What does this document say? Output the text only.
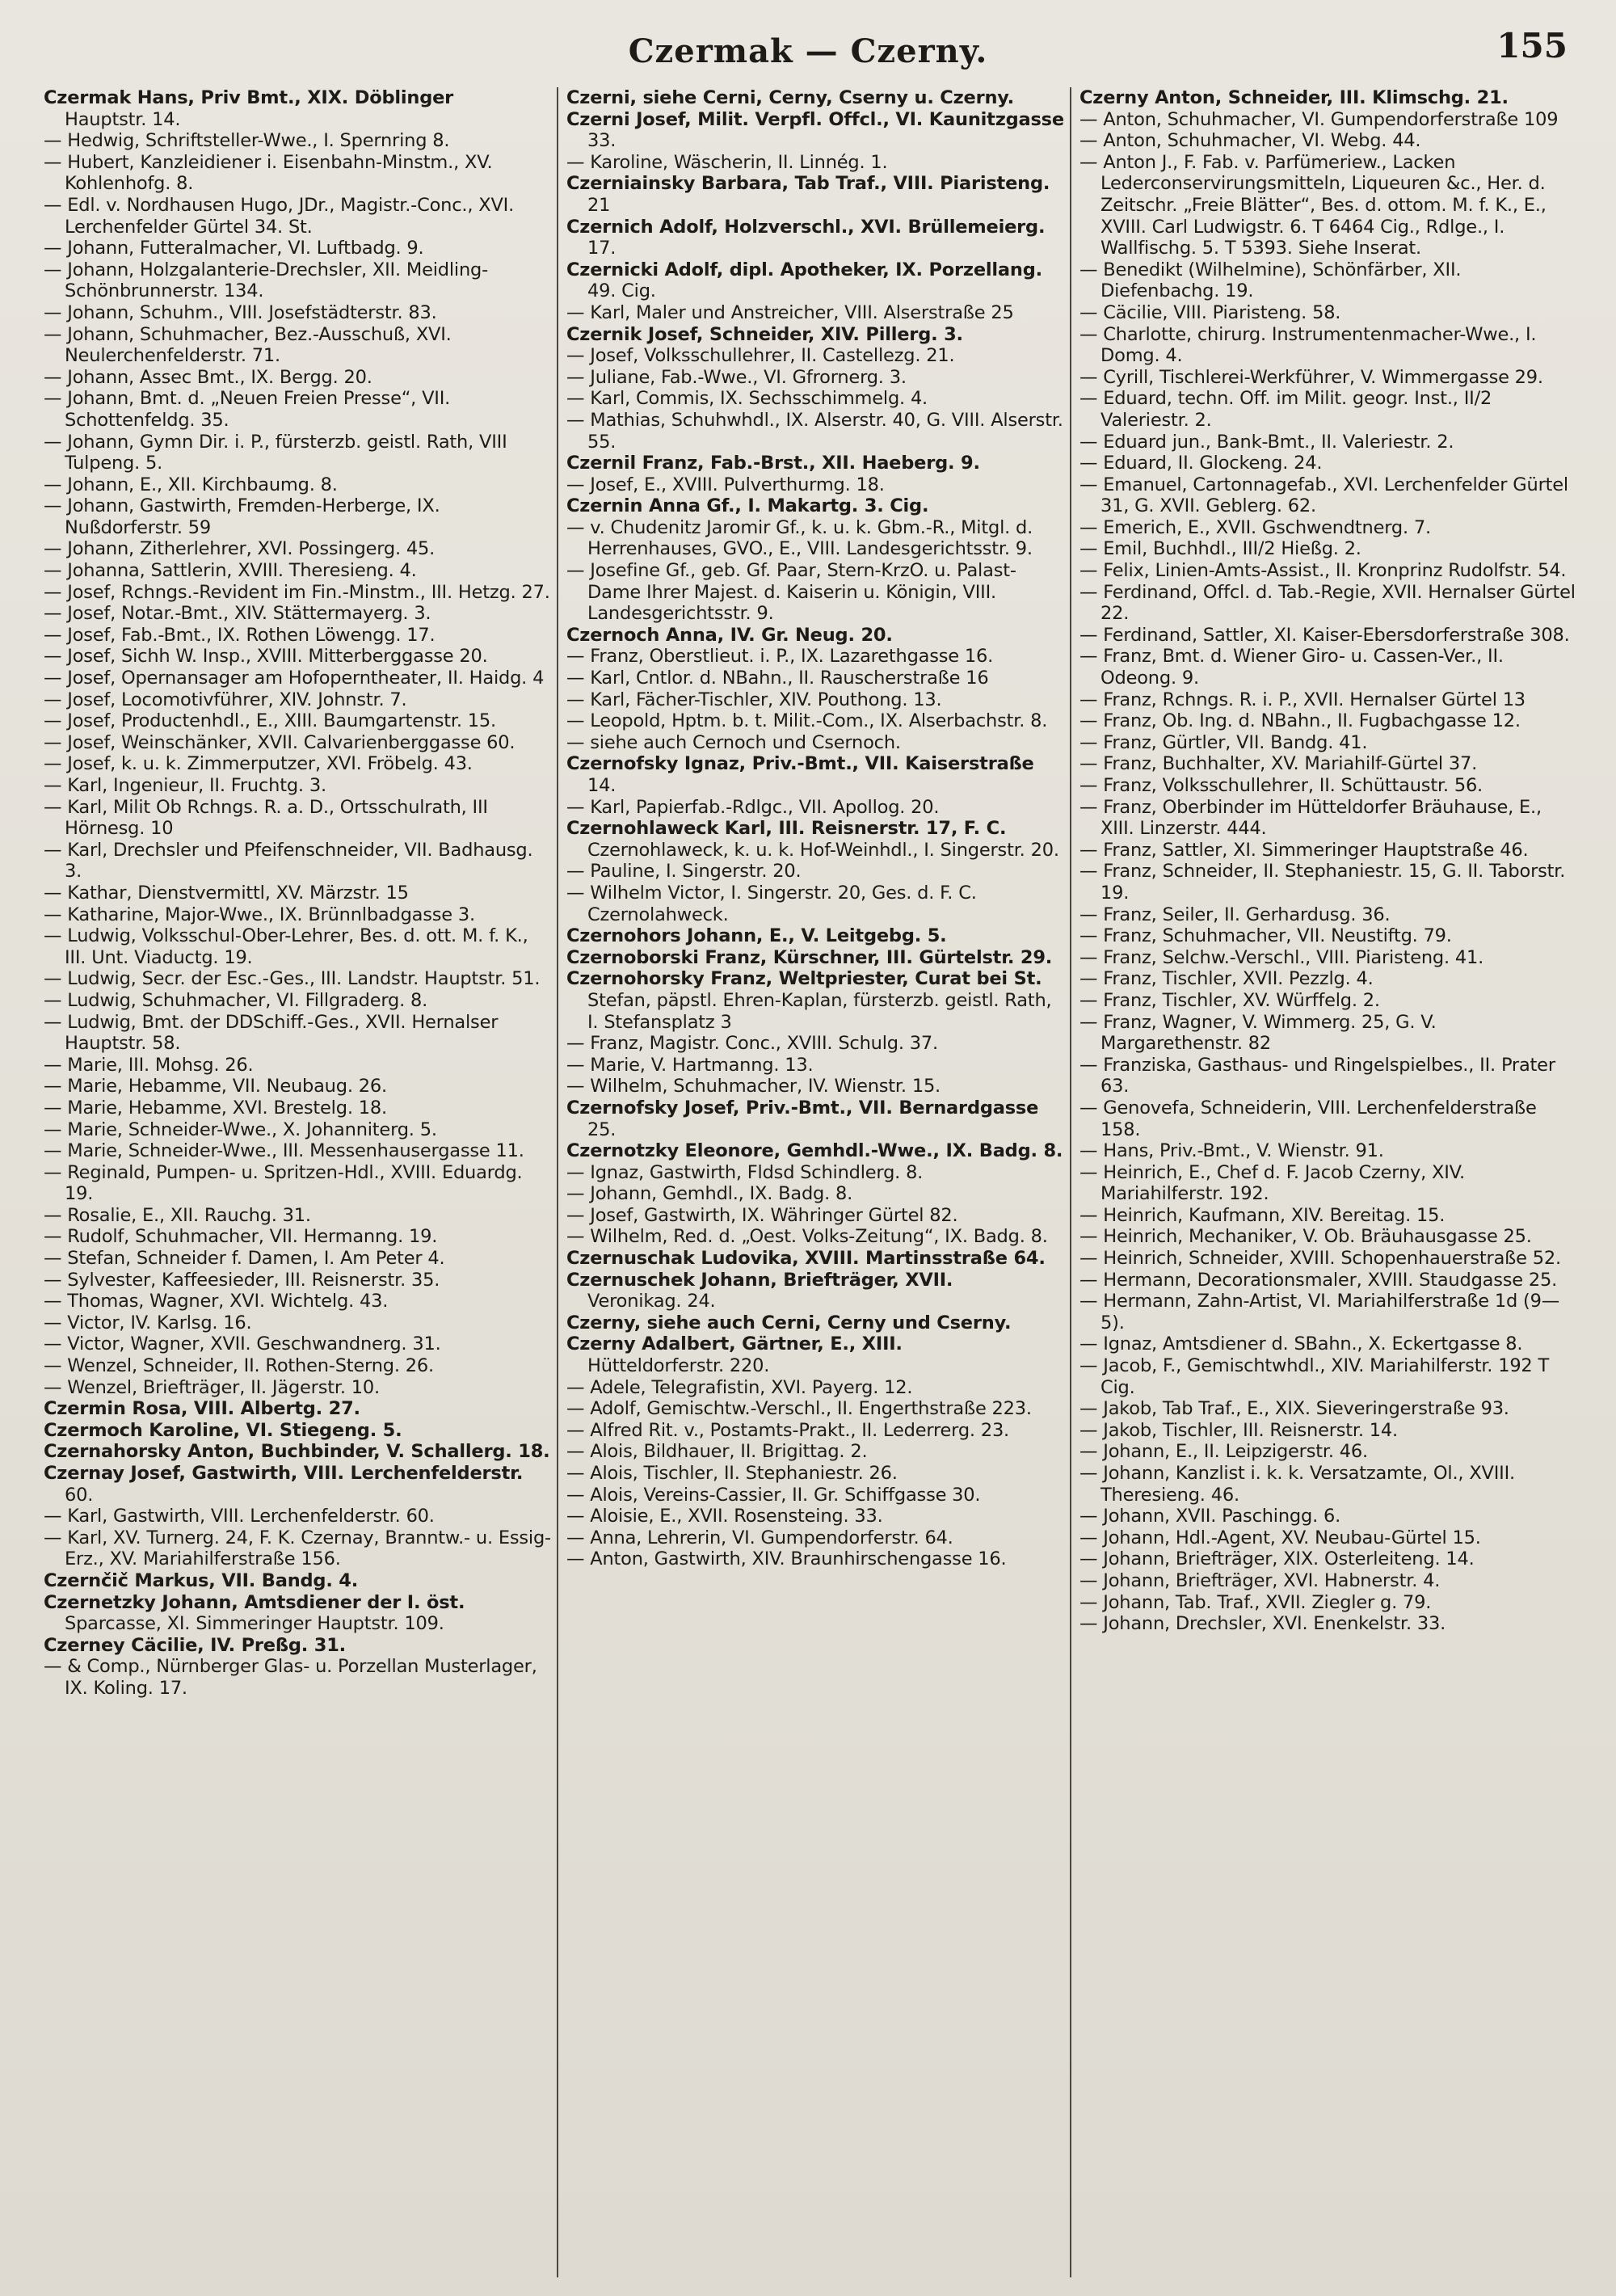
Czermak — Czerny.	155
Czermak Hans, Priv Bmt., XIX. Döblinger Hauptstr. 14.
— Hedwig, Schriftsteller-Wwe., I. Spernring 8.
— Hubert, Kanzleidiener i. Eisenbahn-Minstm., XV. Kohlenhofg. 8.
— Edl. v. Nordhausen Hugo, JDr., Magistr.-Conc., XVI. Lerchenfelder Gürtel 34. St.
— Johann, Futteralmacher, VI. Luftbadg. 9.
— Johann, Holzgalanterie-Drechsler, XII. Meidling-Schönbrunnerstr. 134.
— Johann, Schuhm., VIII. Josefstädterstr. 83.
— Johann, Schuhmacher, Bez.-Ausschuß, XVI. Neulerchenfelderstr. 71.
— Johann, Assec Bmt., IX. Bergg. 20.
— Johann, Bmt. d. „Neuen Freien Presse“, VII. Schottenfeldg. 35.
— Johann, Gymn Dir. i. P., fürsterzb. geistl. Rath, VIII Tulpeng. 5.
— Johann, E., XII. Kirchbaumg. 8.
— Johann, Gastwirth, Fremden-Herberge, IX. Nußdorferstr. 59
— Johann, Zitherlehrer, XVI. Possingerg. 45.
— Johanna, Sattlerin, XVIII. Theresieng. 4.
— Josef, Rchngs.-Revident im Fin.-Minstm., III. Hetzg. 27.
— Josef, Notar.-Bmt., XIV. Stättermayerg. 3.
— Josef, Fab.-Bmt., IX. Rothen Löwengg. 17.
— Josef, Sichh W. Insp., XVIII. Mitterberggasse 20.
— Josef, Opernansager am Hofoperntheater, II. Haidg. 4
— Josef, Locomotivführer, XIV. Johnstr. 7.
— Josef, Productenhdl., E., XIII. Baumgartenstr. 15.
— Josef, Weinschänker, XVII. Calvarienberggasse 60.
— Josef, k. u. k. Zimmerputzer, XVI. Fröbelg. 43.
— Karl, Ingenieur, II. Fruchtg. 3.
— Karl, Milit Ob Rchngs. R. a. D., Ortsschulrath, III Hörnesg. 10
— Karl, Drechsler und Pfeifenschneider, VII. Badhausg. 3.
— Kathar, Dienstvermittl, XV. Märzstr. 15
— Katharine, Major-Wwe., IX. Brünnlbadgasse 3.
— Ludwig, Volksschul-Ober-Lehrer, Bes. d. ott. M. f. K., III. Unt. Viaductg. 19.
— Ludwig, Secr. der Esc.-Ges., III. Landstr. Hauptstr. 51.
— Ludwig, Schuhmacher, VI. Fillgraderg. 8.
— Ludwig, Bmt. der DDSchiff.-Ges., XVII. Hernalser Hauptstr. 58.
— Marie, III. Mohsg. 26.
— Marie, Hebamme, VII. Neubaug. 26.
— Marie, Hebamme, XVI. Brestelg. 18.
— Marie, Schneider-Wwe., X. Johanniterg. 5.
— Marie, Schneider-Wwe., III. Messenhausergasse 11.
— Reginald, Pumpen- u. Spritzen-Hdl., XVIII. Eduardg. 19.
— Rosalie, E., XII. Rauchg. 31.
— Rudolf, Schuhmacher, VII. Hermanng. 19.
— Stefan, Schneider f. Damen, I. Am Peter 4.
— Sylvester, Kaffeesieder, III. Reisnerstr. 35.
— Thomas, Wagner, XVI. Wichtelg. 43.
— Victor, IV. Karlsg. 16.
— Victor, Wagner, XVII. Geschwandnerg. 31.
— Wenzel, Schneider, II. Rothen-Sterng. 26.
— Wenzel, Briefträger, II. Jägerstr. 10.
Czermin Rosa, VIII. Albertg. 27.
Czermoch Karoline, VI. Stiegeng. 5.
Czernahorsky Anton, Buchbinder, V. Schallerg. 18.
Czernay Josef, Gastwirth, VIII. Lerchenfelderstr. 60.
— Karl, Gastwirth, VIII. Lerchenfelderstr. 60.
— Karl, XV. Turnerg. 24, F. K. Czernay, Branntw.- u. Essig-Erz., XV. Mariahilferstraße 156.
Czernčič Markus, VII. Bandg. 4.
Czernetzky Johann, Amtsdiener der I. öst. Sparcasse, XI. Simmeringer Hauptstr. 109.
Czerney Cäcilie, IV. Preßg. 31.
— & Comp., Nürnberger Glas- u. Porzellan Musterlager, IX. Koling. 17.
Czerni, siehe Cerni, Cerny, Cserny u. Czerny.
Czerni Josef, Milit. Verpfl. Offcl., VI. Kaunitzgasse 33.
— Karoline, Wäscherin, II. Linnég. 1.
Czerniainsky Barbara, Tab Traf., VIII. Piaristeng. 21
Czernich Adolf, Holzverschl., XVI. Brüllemeierg. 17.
Czernicki Adolf, dipl. Apotheker, IX. Porzellang. 49. Cig.
— Karl, Maler und Anstreicher, VIII. Alserstraße 25
Czernik Josef, Schneider, XIV. Pillerg. 3.
— Josef, Volksschullehrer, II. Castellezg. 21.
— Juliane, Fab.-Wwe., VI. Gfrornerg. 3.
— Karl, Commis, IX. Sechsschimmelg. 4.
— Mathias, Schuhwhdl., IX. Alserstr. 40, G. VIII. Alserstr. 55.
Czernil Franz, Fab.-Brst., XII. Haeberg. 9.
— Josef, E., XVIII. Pulverthurmg. 18.
Czernin Anna Gf., I. Makartg. 3. Cig.
— v. Chudenitz Jaromir Gf., k. u. k. Gbm.-R., Mitgl. d. Herrenhauses, GVO., E., VIII. Landesgerichtsstr. 9.
— Josefine Gf., geb. Gf. Paar, Stern-KrzO. u. Palast-Dame Ihrer Majest. d. Kaiserin u. Königin, VIII. Landesgerichtsstr. 9.
Czernoch Anna, IV. Gr. Neug. 20.
— Franz, Oberstlieut. i. P., IX. Lazarethgasse 16.
— Karl, Cntlor. d. NBahn., II. Rauscherstraße 16
— Karl, Fächer-Tischler, XIV. Pouthong. 13.
— Leopold, Hptm. b. t. Milit.-Com., IX. Alserbachstr. 8.
— siehe auch Cernoch und Csernoch.
Czernofsky Ignaz, Priv.-Bmt., VII. Kaiserstraße 14.
— Karl, Papierfab.-Rdlgc., VII. Apollog. 20.
Czernohlaweck Karl, III. Reisnerstr. 17, F. C. Czernohlaweck, k. u. k. Hof-Weinhdl., I. Singerstr. 20.
— Pauline, I. Singerstr. 20.
— Wilhelm Victor, I. Singerstr. 20, Ges. d. F. C. Czernolahweck.
Czernohors Johann, E., V. Leitgebg. 5.
Czernoborski Franz, Kürschner, III. Gürtelstr. 29.
Czernohorsky Franz, Weltpriester, Curat bei St. Stefan, päpstl. Ehren-Kaplan, fürsterzb. geistl. Rath, I. Stefansplatz 3
— Franz, Magistr. Conc., XVIII. Schulg. 37.
— Marie, V. Hartmanng. 13.
— Wilhelm, Schuhmacher, IV. Wienstr. 15.
Czernofsky Josef, Priv.-Bmt., VII. Bernardgasse 25.
Czernotzky Eleonore, Gemhdl.-Wwe., IX. Badg. 8.
— Ignaz, Gastwirth, Fldsd Schindlerg. 8.
— Johann, Gemhdl., IX. Badg. 8.
— Josef, Gastwirth, IX. Währinger Gürtel 82.
— Wilhelm, Red. d. „Oest. Volks-Zeitung“, IX. Badg. 8.
Czernuschak Ludovika, XVIII. Martinsstraße 64.
Czernuschek Johann, Briefträger, XVII. Veronikag. 24.
Czerny, siehe auch Cerni, Cerny und Cserny.
Czerny Adalbert, Gärtner, E., XIII. Hütteldorferstr. 220.
— Adele, Telegrafistin, XVI. Payerg. 12.
— Adolf, Gemischtw.-Verschl., II. Engerthstraße 223.
— Alfred Rit. v., Postamts-Prakt., II. Lederrerg. 23.
— Alois, Bildhauer, II. Brigittag. 2.
— Alois, Tischler, II. Stephaniestr. 26.
— Alois, Vereins-Cassier, II. Gr. Schiffgasse 30.
— Aloisie, E., XVII. Rosensteing. 33.
— Anna, Lehrerin, VI. Gumpendorferstr. 64.
— Anton, Gastwirth, XIV. Braunhirschengasse 16.
Czerny Anton, Schneider, III. Klimschg. 21.
— Anton, Schuhmacher, VI. Gumpendorferstraße 109
— Anton, Schuhmacher, VI. Webg. 44.
— Anton J., F. Fab. v. Parfümeriew., Lacken Lederconservirungsmitteln, Liqueuren &c., Her. d. Zeitschr. „Freie Blätter“, Bes. d. ottom. M. f. K., E., XVIII. Carl Ludwigstr. 6. T 6464 Cig., Rdlge., I. Wallfischg. 5. T 5393. Siehe Inserat.
— Benedikt (Wilhelmine), Schönfärber, XII. Diefenbachg. 19.
— Cäcilie, VIII. Piaristeng. 58.
— Charlotte, chirurg. Instrumentenmacher-Wwe., I. Domg. 4.
— Cyrill, Tischlerei-Werkführer, V. Wimmergasse 29.
— Eduard, techn. Off. im Milit. geogr. Inst., II/2 Valeriestr. 2.
— Eduard jun., Bank-Bmt., II. Valeriestr. 2.
— Eduard, II. Glockeng. 24.
— Emanuel, Cartonnagefab., XVI. Lerchenfelder Gürtel 31, G. XVII. Geblerg. 62.
— Emerich, E., XVII. Gschwendtnerg. 7.
— Emil, Buchhdl., III/2 Hießg. 2.
— Felix, Linien-Amts-Assist., II. Kronprinz Rudolfstr. 54.
— Ferdinand, Offcl. d. Tab.-Regie, XVII. Hernalser Gürtel 22.
— Ferdinand, Sattler, XI. Kaiser-Ebersdorferstraße 308.
— Franz, Bmt. d. Wiener Giro- u. Cassen-Ver., II. Odeong. 9.
— Franz, Rchngs. R. i. P., XVII. Hernalser Gürtel 13
— Franz, Ob. Ing. d. NBahn., II. Fugbachgasse 12.
— Franz, Gürtler, VII. Bandg. 41.
— Franz, Buchhalter, XV. Mariahilf-Gürtel 37.
— Franz, Volksschullehrer, II. Schüttaustr. 56.
— Franz, Oberbinder im Hütteldorfer Bräuhause, E., XIII. Linzerstr. 444.
— Franz, Sattler, XI. Simmeringer Hauptstraße 46.
— Franz, Schneider, II. Stephaniestr. 15, G. II. Taborstr. 19.
— Franz, Seiler, II. Gerhardusg. 36.
— Franz, Schuhmacher, VII. Neustiftg. 79.
— Franz, Selchw.-Verschl., VIII. Piaristeng. 41.
— Franz, Tischler, XVII. Pezzlg. 4.
— Franz, Tischler, XV. Würffelg. 2.
— Franz, Wagner, V. Wimmerg. 25, G. V. Margarethenstr. 82
— Franziska, Gasthaus- und Ringelspielbes., II. Prater 63.
— Genovefa, Schneiderin, VIII. Lerchenfelderstraße 158.
— Hans, Priv.-Bmt., V. Wienstr. 91.
— Heinrich, E., Chef d. F. Jacob Czerny, XIV. Mariahilferstr. 192.
— Heinrich, Kaufmann, XIV. Bereitag. 15.
— Heinrich, Mechaniker, V. Ob. Bräuhausgasse 25.
— Heinrich, Schneider, XVIII. Schopenhauerstraße 52.
— Hermann, Decorationsmaler, XVIII. Staudgasse 25.
— Hermann, Zahn-Artist, VI. Mariahilferstraße 1d (9—5).
— Ignaz, Amtsdiener d. SBahn., X. Eckertgasse 8.
— Jacob, F., Gemischtwhdl., XIV. Mariahilferstr. 192 T Cig.
— Jakob, Tab Traf., E., XIX. Sieveringerstraße 93.
— Jakob, Tischler, III. Reisnerstr. 14.
— Johann, E., II. Leipzigerstr. 46.
— Johann, Kanzlist i. k. k. Versatzamte, Ol., XVIII. Theresieng. 46.
— Johann, XVII. Paschingg. 6.
— Johann, Hdl.-Agent, XV. Neubau-Gürtel 15.
— Johann, Briefträger, XIX. Osterleiteng. 14.
— Johann, Briefträger, XVI. Habnerstr. 4.
— Johann, Tab. Traf., XVII. Ziegler g. 79.
— Johann, Drechsler, XVI. Enenkelstr. 33.
